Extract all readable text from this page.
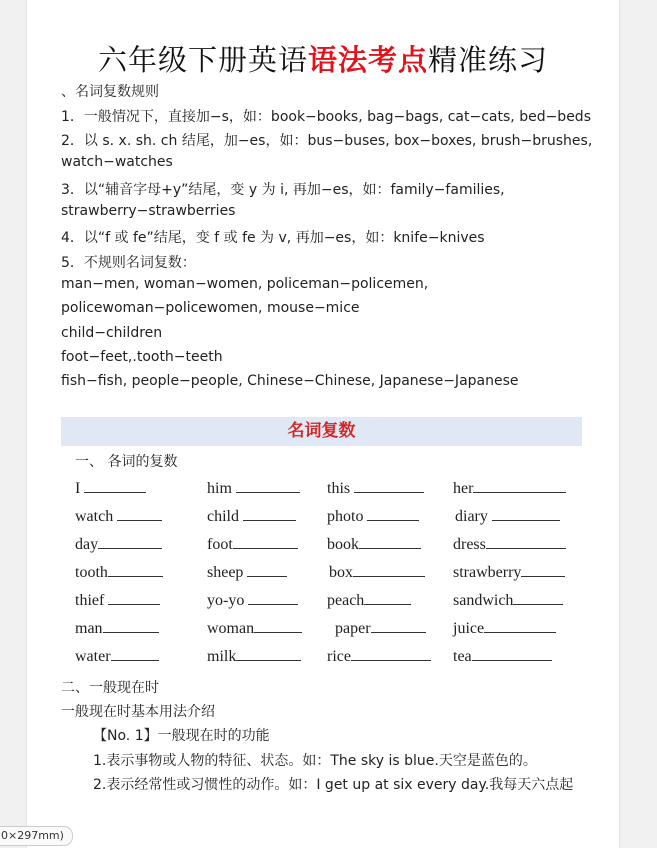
六年级下册英语语法考点精准练习
、名词复数规则
1．一般情况下，直接加−s，如：book−books, bag−bags, cat−cats, bed−beds
2．以 s. x. sh. ch 结尾，加−es，如：bus−buses, box−boxes, brush−brushes,
watch−watches
3．以“辅音字母+y”结尾，变 y 为 i, 再加−es，如：family−families,
strawberry−strawberries
4．以“f 或 fe”结尾，变 f 或 fe 为 v, 再加−es，如：knife−knives
5．不规则名词复数：
man−men, woman−women, policeman−policemen,
policewoman−policewomen, mouse−mice
child−children
foot−feet,.tooth−teeth
fish−fish, people−people, Chinese−Chinese, Japanese−Japanese
名词复数
一、 各词的复数
I	him	this	her
watch	child	photo	diary
day	foot	book	dress
tooth	sheep	box	strawberry
thief	yo-yo	peach	sandwich
man	woman	paper	juice
water	milk	rice	tea
二、一般现在时
一般现在时基本用法介绍
【No. 1】一般现在时的功能
1.表示事物或人物的特征、状态。如：The sky is blue.天空是蓝色的。
2.表示经常性或习惯性的动作。如：I get up at six every day.我每天六点起
0×297mm)
